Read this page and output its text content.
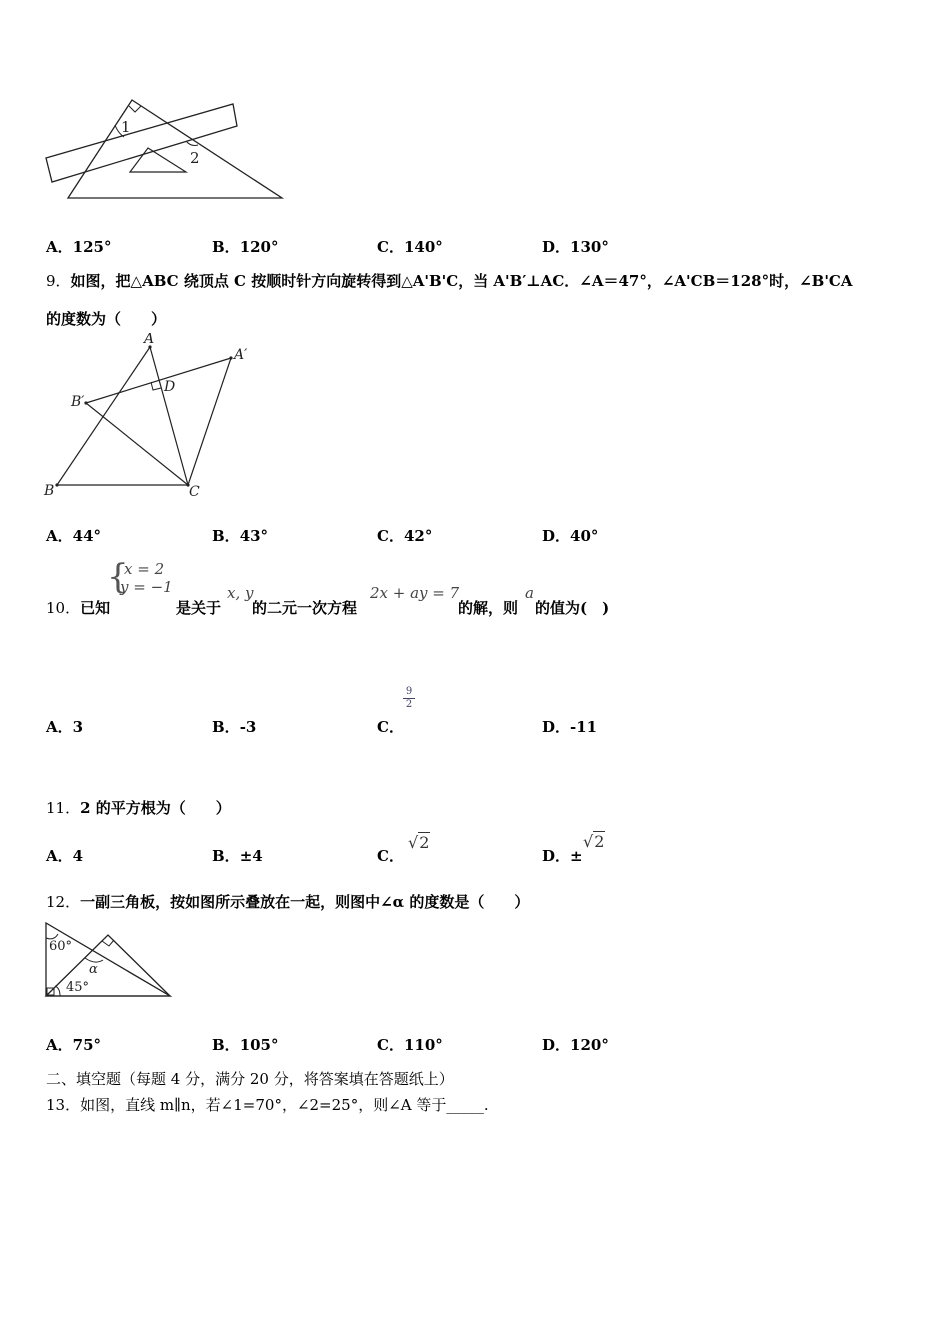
1
2
A．125°	B．120°	C．140°	D．130°
9．如图，把△ABC 绕顶点 C 按顺时针方向旋转得到△A'B'C，当 A'B′⊥AC．∠A＝47°，∠A'CB＝128°时，∠B'CA
的度数为（　　）
A
A′
B′
D
B	C
A．44°	B．43°	C．42°	D．40°
{
x = 2
y = −1
10．已知	是关于
x, y
的二元一次方程
2x + ay = 7
的解，则
a
的值为(　)
A．3	B．-3	C．
9
2
D．-11
11．2 的平方根为（　　）
A．4	B．±4	C．
√2
D．±
√2
12．一副三角板，按如图所示叠放在一起，则图中∠α 的度数是（　　）
60°
α
45°
A．75°	B．105°	C．110°	D．120°
二、填空题（每题 4 分，满分 20 分，将答案填在答题纸上）
13．如图，直线 m∥n，若∠1=70°，∠2=25°，则∠A 等于_____.
